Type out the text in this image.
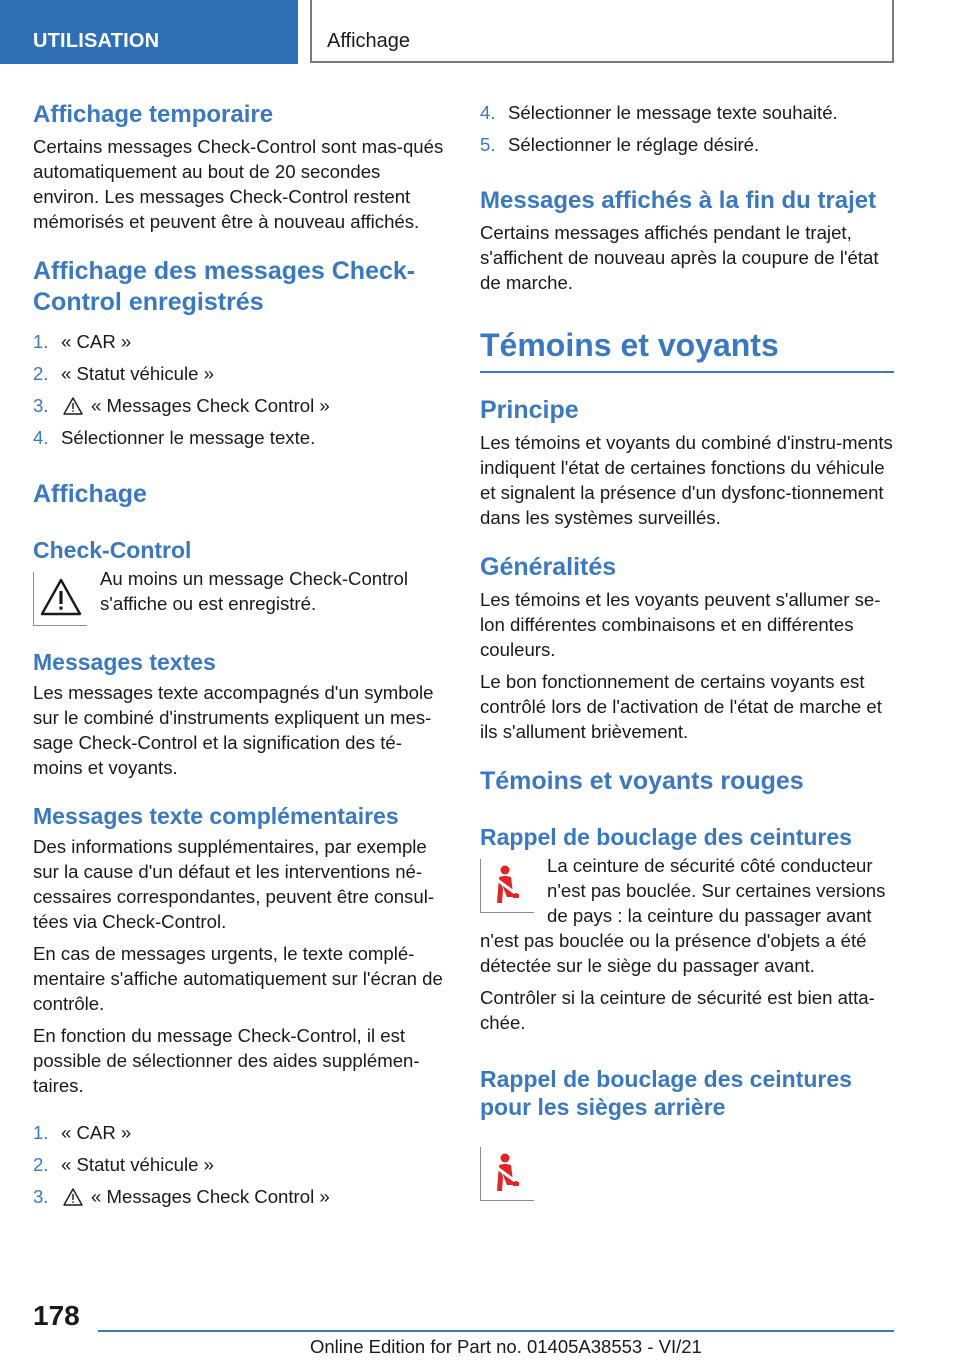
UTILISATION	Affichage
Affichage temporaire

Certains messages Check-Control sont mas-qués automatiquement au bout de 20 secondes environ. Les messages Check-Control restent mémorisés et peuvent être à nouveau affichés.

Affichage des messages Check-Control enregistrés
1. « CAR »
2. « Statut véhicule »
3. « Messages Check Control »
4. Sélectionner le message texte.
Affichage
Check-Control

Au moins un message Check-Control s'affiche ou est enregistré.

Messages textes

Les messages texte accompagnés d'un symbole sur le combiné d'instruments expliquent un mes-sage Check-Control et la signification des té-moins et voyants.

Messages texte complémentaires

Des informations supplémentaires, par exemple sur la cause d'un défaut et les interventions né-cessaires correspondantes, peuvent être consul-tées via Check-Control.

En cas de messages urgents, le texte complé-mentaire s'affiche automatiquement sur l'écran de contrôle.

En fonction du message Check-Control, il est possible de sélectionner des aides supplémen-taires.

1. « CAR »
2. « Statut véhicule »
3. « Messages Check Control »
4. Sélectionner le message texte souhaité.
5. Sélectionner le réglage désiré.
Messages affichés à la fin du trajet

Certains messages affichés pendant le trajet, s'affichent de nouveau après la coupure de l'état de marche.

Témoins et voyants
Principe

Les témoins et voyants du combiné d'instru-ments indiquent l'état de certaines fonctions du véhicule et signalent la présence d'un dysfonc-tionnement dans les systèmes surveillés.

Généralités

Les témoins et les voyants peuvent s'allumer se-lon différentes combinaisons et en différentes couleurs.

Le bon fonctionnement de certains voyants est contrôlé lors de l'activation de l'état de marche et ils s'allument brièvement.

Témoins et voyants rouges
Rappel de bouclage des ceintures

La ceinture de sécurité côté conducteur n'est pas bouclée. Sur certaines versions de pays : la ceinture du passager avant

n'est pas bouclée ou la présence d'objets a été détectée sur le siège du passager avant.

Contrôler si la ceinture de sécurité est bien atta-chée.

Rappel de bouclage des ceintures pour les sièges arrière
178
Online Edition for Part no. 01405A38553 - VI/21
